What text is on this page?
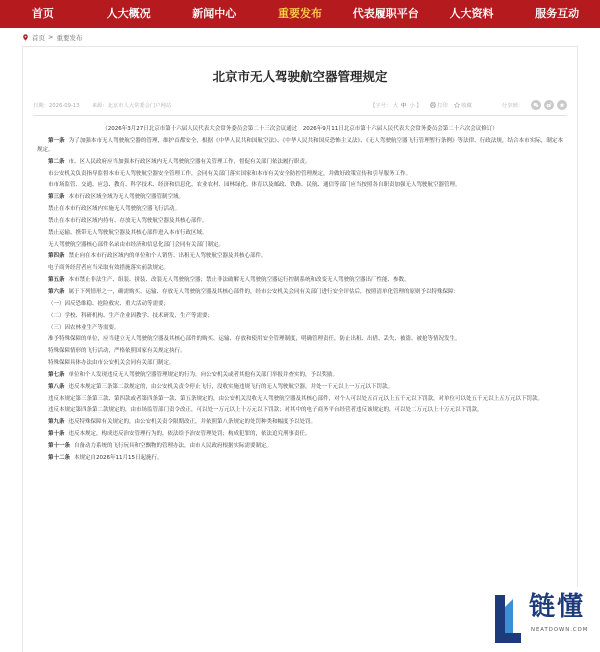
首页	人大概况	新闻中心	重要发布	代表履职平台	人大资料	服务互动
首页 > 重要发布
北京市无人驾驶航空器管理规定
日期：2026-09-13 来源：北京市人大常委会门户网站	【字号： 大 中 小 】	打印	收藏	分享到：

（2026年3月27日北京市第十六届人民代表大会常务委员会第二十三次会议通过　2026年9月11日北京市第十六届人民代表大会常务委员会第二十六次会议修订）

第一条 为了加强本市无人驾驶航空器的管理，维护首都安全，根据《中华人民共和国航空法》、《中华人民共和国反恐怖主义法》、《无人驾驶航空器飞行管理暂行条例》等法律、行政法规，结合本市实际，制定本规定。

第二条 市、区人民政府应当加强本行政区域内无人驾驶航空器有关管理工作，督促有关部门依法履行职责。

市公安机关负责指导监督本市无人驾驶航空器安全管理工作，会同有关部门落实国家和本市有关安全防控管理规定，并做好政策宣传和引导服务工作。

市市场监管、交通、应急、教育、科学技术、经济和信息化、农业农村、园林绿化、体育以及邮政、铁路、民航、通信等部门应当按照各自职责加强无人驾驶航空器管理。

第三条 本市行政区域全域为无人驾驶航空器管制空域。

禁止在本市行政区域内实施无人驾驶航空器飞行活动。

禁止在本市行政区域内持有、存放无人驾驶航空器及其核心部件。

禁止运输、携带无人驾驶航空器及其核心部件进入本市行政区域。

无人驾驶航空器核心部件名录由市经济和信息化部门会同有关部门制定。

第四条 禁止向在本市行政区域内的单位和个人销售、出租无人驾驶航空器及其核心部件。

电子商务经营者应当采取有效措施落实前款规定。

第五条 本市禁止非法生产、组装、拼装、改装无人驾驶航空器；禁止非法破解无人驾驶航空器运行控制系统和改变无人驾驶航空器出厂性能、参数。

第六条 属于下列情形之一，确需购买、运输、存放无人驾驶航空器及其核心部件的，经市公安机关会同有关部门进行安全评估后，按照清单化管理的原则予以特殊保障：

（一）因反恐维稳、抢险救灾、重大活动等需要；

（二）学校、科研机构、生产企业因教学、技术研发、生产等需要；

（三）因农林业生产等需要。

准予特殊保障的单位，应当建立无人驾驶航空器及其核心部件的购买、运输、存放和使用安全管理制度，明确管理责任，防止出租、出借、丢失、被盗、被抢等情况发生。

特殊保障情形的飞行活动，严格依照国家有关规定执行。

特殊保障具体办法由市公安机关会同有关部门制定。

第七条 单位和个人发现违反无人驾驶航空器管理规定的行为，向公安机关或者其他有关部门举报并查实的，予以奖励。

第八条 违反本规定第三条第二款规定的，由公安机关责令停止飞行，没收实施违规飞行的无人驾驶航空器，并处一千元以上一万元以下罚款。

违反本规定第三条第三款、第四款或者第四条第一款、第五条规定的，由公安机关没收无人驾驶航空器及其核心部件，对个人可以处五百元以上五千元以下罚款，对单位可以处五千元以上五万元以下罚款。

违反本规定第四条第二款规定的，由市场监管部门责令改正，可以处一万元以上十万元以下罚款；对其中的电子商务平台经营者违反该规定的，可以处二万元以上十万元以下罚款。

第九条 违反特殊保障有关规定的，由公安机关责令限期改正，并依照第八条规定的处罚种类和幅度予以处罚。

第十条 违反本规定，构成违反治安管理行为的，依法给予治安管理处罚；构成犯罪的，依法追究刑事责任。

第十一条 自备动力系统的飞行玩具和空飘物的管理办法，由市人民政府根据实际需要制定。

第十二条 本规定自2026年11月15日起施行。

链懂
NEATDOWN.COM
